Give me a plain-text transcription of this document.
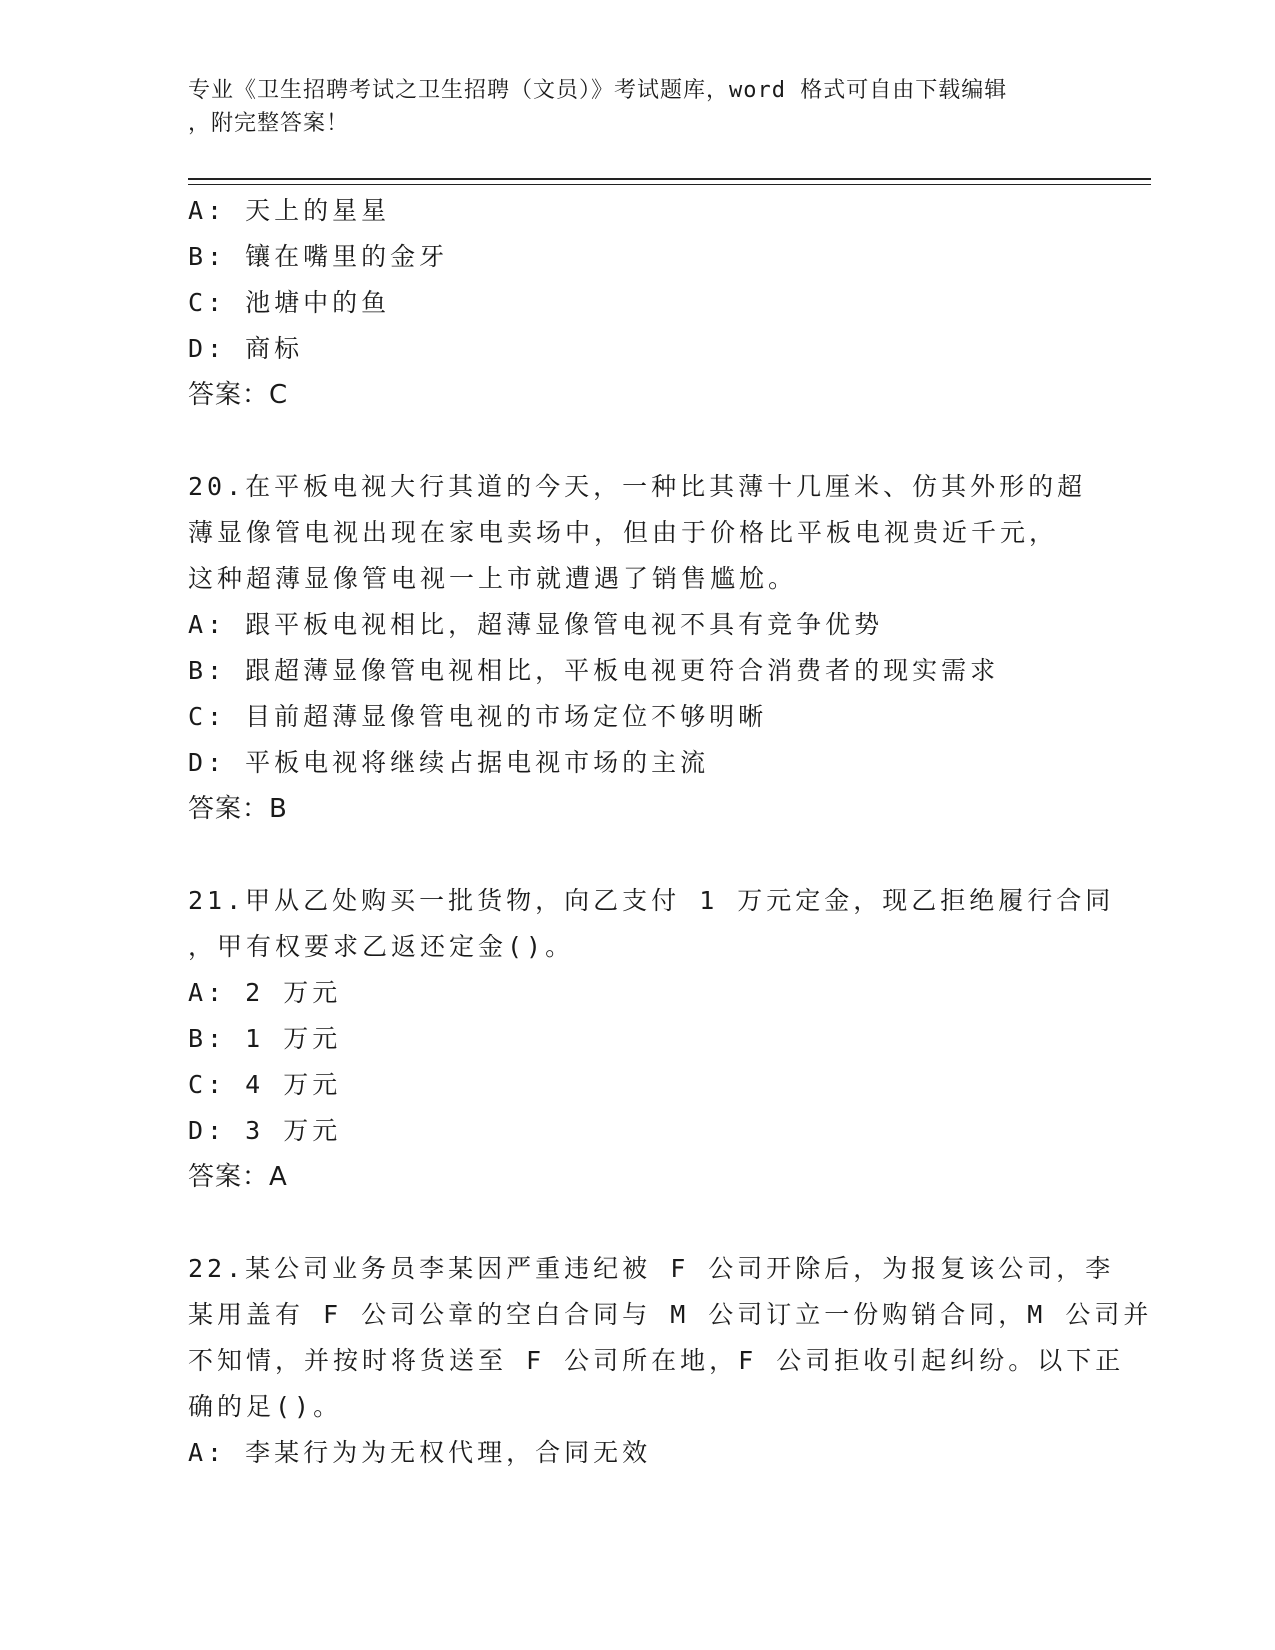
专业《卫生招聘考试之卫生招聘（文员）》考试题库，word 格式可自由下载编辑
，附完整答案！
A: 天上的星星
B: 镶在嘴里的金牙
C: 池塘中的鱼
D: 商标
答案：C
20.在平板电视大行其道的今天，一种比其薄十几厘米、仿其外形的超
薄显像管电视出现在家电卖场中，但由于价格比平板电视贵近千元，
这种超薄显像管电视一上市就遭遇了销售尴尬。
A: 跟平板电视相比，超薄显像管电视不具有竞争优势
B: 跟超薄显像管电视相比，平板电视更符合消费者的现实需求
C: 目前超薄显像管电视的市场定位不够明晰
D: 平板电视将继续占据电视市场的主流
答案：B
21.甲从乙处购买一批货物，向乙支付 1 万元定金，现乙拒绝履行合同
，甲有权要求乙返还定金()。
A: 2 万元
B: 1 万元
C: 4 万元
D: 3 万元
答案：A
22.某公司业务员李某因严重违纪被 F 公司开除后，为报复该公司，李
某用盖有 F 公司公章的空白合同与 M 公司订立一份购销合同，M 公司并
不知情，并按时将货送至 F 公司所在地，F 公司拒收引起纠纷。以下正
确的足()。
A: 李某行为为无权代理，合同无效
